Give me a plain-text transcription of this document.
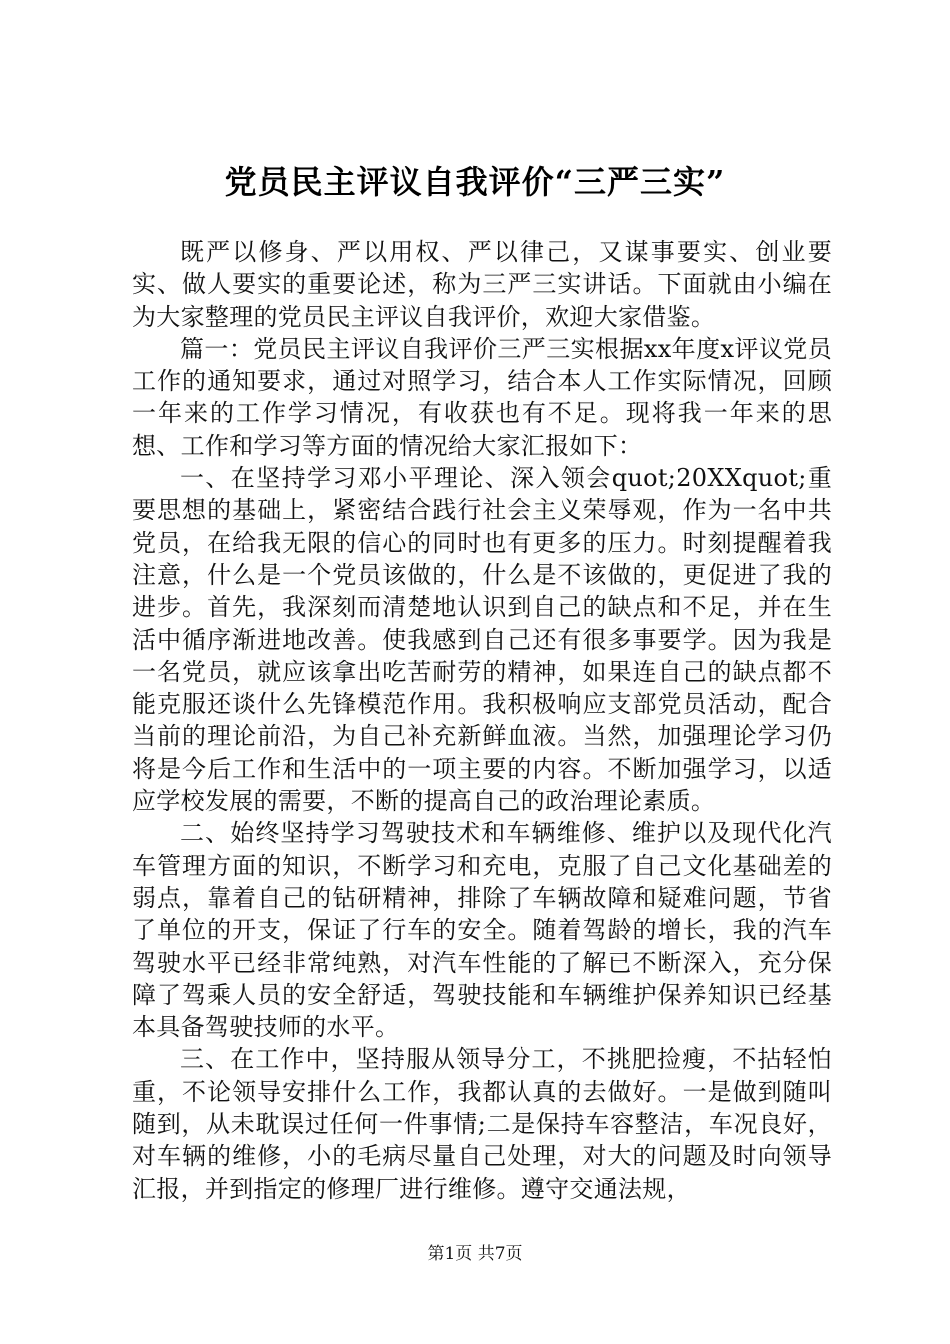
党员民主评议自我评价“三严三实”

既严以修身、严以用权、严以律己，又谋事要实、创业要实、做人要实的重要论述，称为三严三实讲话。下面就由小编在为大家整理的党员民主评议自我评价，欢迎大家借鉴。

篇一：党员民主评议自我评价三严三实根据xx年度x评议党员工作的通知要求，通过对照学习，结合本人工作实际情况，回顾一年来的工作学习情况，有收获也有不足。现将我一年来的思想、工作和学习等方面的情况给大家汇报如下：

一、在坚持学习邓小平理论、深入领会quot;20XXquot;重要思想的基础上，紧密结合践行社会主义荣辱观，作为一名中共党员，在给我无限的信心的同时也有更多的压力。时刻提醒着我注意，什么是一个党员该做的，什么是不该做的，更促进了我的进步。首先，我深刻而清楚地认识到自己的缺点和不足，并在生活中循序渐进地改善。使我感到自己还有很多事要学。因为我是一名党员，就应该拿出吃苦耐劳的精神，如果连自己的缺点都不能克服还谈什么先锋模范作用。我积极响应支部党员活动，配合当前的理论前沿，为自己补充新鲜血液。当然，加强理论学习仍将是今后工作和生活中的一项主要的内容。不断加强学习，以适应学校发展的需要，不断的提高自己的政治理论素质。

二、始终坚持学习驾驶技术和车辆维修、维护以及现代化汽车管理方面的知识，不断学习和充电，克服了自己文化基础差的弱点，靠着自己的钻研精神，排除了车辆故障和疑难问题，节省了单位的开支，保证了行车的安全。随着驾龄的增长，我的汽车驾驶水平已经非常纯熟，对汽车性能的了解已不断深入，充分保障了驾乘人员的安全舒适，驾驶技能和车辆维护保养知识已经基本具备驾驶技师的水平。

三、在工作中，坚持服从领导分工，不挑肥捡瘦，不拈轻怕重，不论领导安排什么工作，我都认真的去做好。一是做到随叫随到，从未耽误过任何一件事情;二是保持车容整洁，车况良好，对车辆的维修，小的毛病尽量自己处理，对大的问题及时向领导汇报，并到指定的修理厂进行维修。遵守交通法规，

第1页 共7页
